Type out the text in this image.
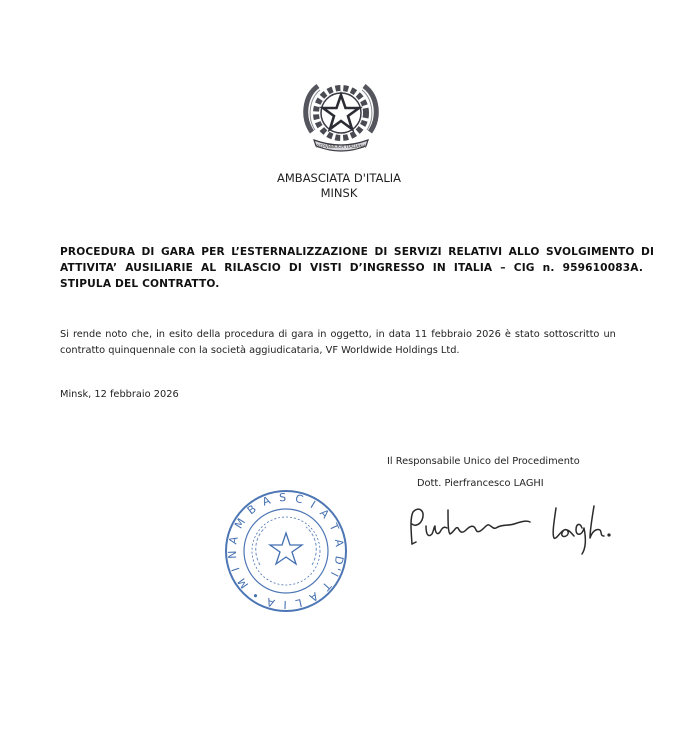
REPVBBLICA ITALIANA
AMBASCIATA D'ITALIA
MINSK
PROCEDURA DI GARA PER L’ESTERNALIZZAZIONE DI SERVIZI RELATIVI ALLO SVOLGIMENTO DI
ATTIVITA’ AUSILIARIE AL RILASCIO DI VISTI D’INGRESSO IN ITALIA – CIG n. 959610083A.
STIPULA DEL CONTRATTO.
Si rende noto che, in esito della procedura di gara in oggetto, in data 11 febbraio 2026 è stato sottoscritto un
contratto quinquennale con la società aggiudicataria, VF Worldwide Holdings Ltd.
Minsk, 12 febbraio 2026
Il Responsabile Unico del Procedimento
Dott. Pierfrancesco LAGHI
A M B A S C I A T A D'I T A L I A • M I N
